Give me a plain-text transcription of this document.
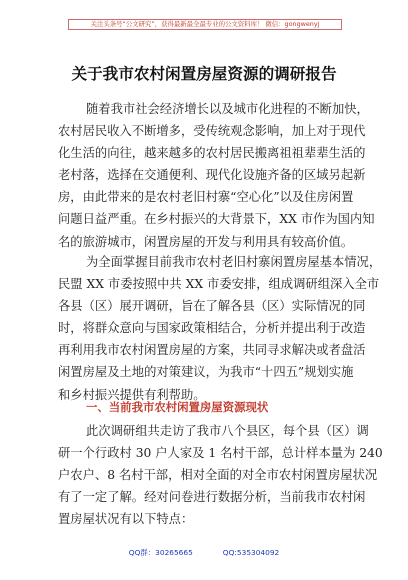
关注头条号“公文研究”，获得最新最全最专业的公文资料库！ 微信：gongwenyj
关于我市农村闲置房屋资源的调研报告
随着我市社会经济增长以及城市化进程的不断加快，
农村居民收入不断增多，受传统观念影响，加上对于现代
化生活的向往，越来越多的农村居民搬离祖祖辈辈生活的
老村落，选择在交通便利、现代化设施齐备的区域另起新
房，由此带来的是农村老旧村寨“空心化”以及住房闲置
问题日益严重。在乡村振兴的大背景下，XX 市作为国内知
名的旅游城市，闲置房屋的开发与利用具有较高价值。
为全面掌握目前我市农村老旧村寨闲置房屋基本情况，
民盟 XX 市委按照中共 XX 市委安排，组成调研组深入全市
各县（区）展开调研，旨在了解各县（区）实际情况的同
时，将群众意向与国家政策相结合，分析并提出利于改造
再利用我市农村闲置房屋的方案，共同寻求解决或者盘活
闲置房屋及土地的对策建议，为我市“十四五”规划实施
和乡村振兴提供有利帮助。
一、当前我市农村闲置房屋资源现状
此次调研组共走访了我市八个县区，每个县（区）调
研一个行政村 30 户人家及 1 名村干部，总计样本量为 240
户农户、8 名村干部，相对全面的对全市农村闲置房屋状况
有了一定了解。经对问卷进行数据分析，当前我市农村闲
置房屋状况有以下特点：
QQ群：30265665	QQ:535304092
